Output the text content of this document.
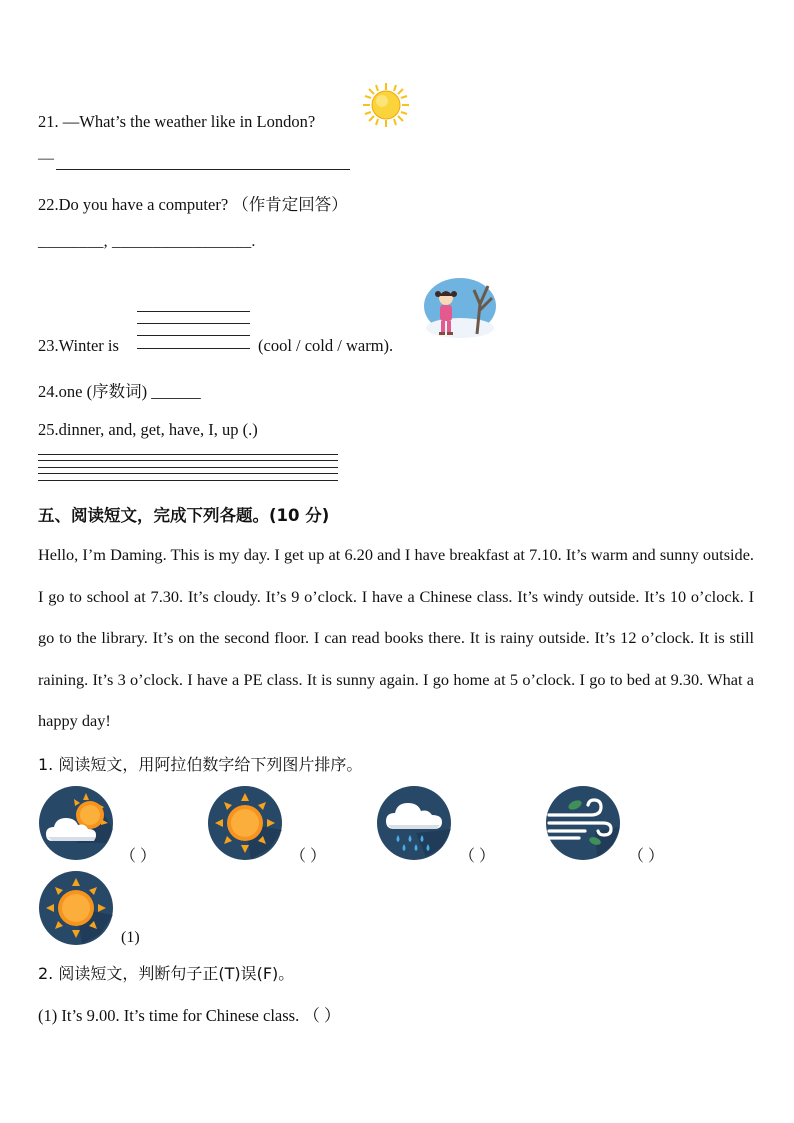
21. —What’s the weather like in London?
—
22.Do you have a computer? （作肯定回答）
________, _________________.
23.Winter is	(cool / cold / warm).
24.one (序数词) ______
25.dinner, and, get, have, I, up (.)
五、阅读短文，完成下列各题。(10 分)
Hello, I’m Daming. This is my day. I get up at 6.20 and I have breakfast at 7.10. It’s warm and sunny outside. I go to school at 7.30. It’s cloudy. It’s 9 o’clock. I have a Chinese class. It’s windy outside. It’s 10 o’clock. I go to the library. It’s on the second floor. I can read books there. It is rainy outside. It’s 12 o’clock. It is still raining. It’s 3 o’clock. I have a PE class. It is sunny again. I go home at 5 o’clock. I go to bed at 9.30. What a happy day!
1. 阅读短文，用阿拉伯数字给下列图片排序。
（ ）	（ ）	（ ）	（ ）
(1)
2. 阅读短文，判断句子正(T)误(F)。
(1) It’s 9.00. It’s time for Chinese class. （ ）
